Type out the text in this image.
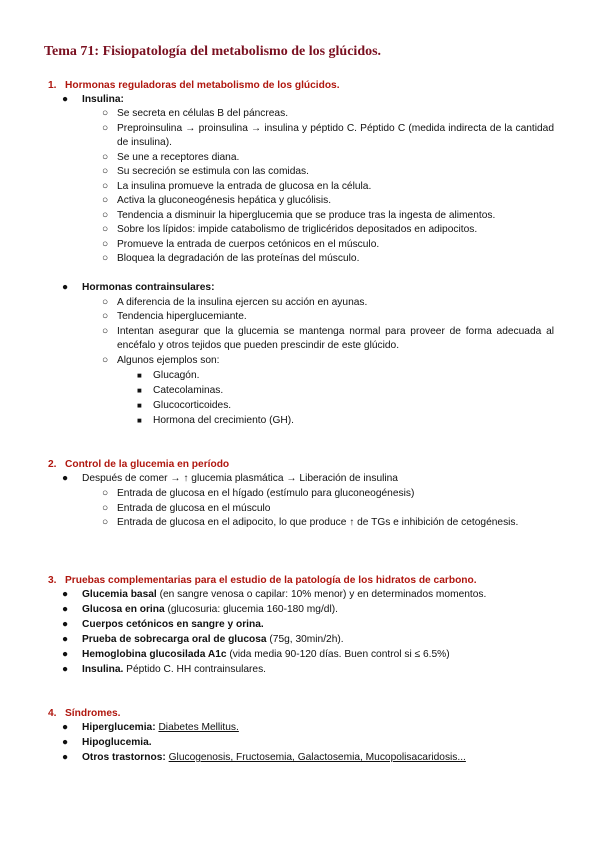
Tema 71: Fisiopatología del metabolismo de los glúcidos.
1. Hormonas reguladoras del metabolismo de los glúcidos.
● Insulina:
○ Se secreta en células B del páncreas.
○ Preproinsulina → proinsulina → insulina y péptido C. Péptido C (medida indirecta de la cantidad de insulina).
○ Se une a receptores diana.
○ Su secreción se estimula con las comidas.
○ La insulina promueve la entrada de glucosa en la célula.
○ Activa la gluconeogénesis hepática y glucólisis.
○ Tendencia a disminuir la hiperglucemia que se produce tras la ingesta de alimentos.
○ Sobre los lípidos: impide catabolismo de triglicéridos depositados en adipocitos.
○ Promueve la entrada de cuerpos cetónicos en el músculo.
○ Bloquea la degradación de las proteínas del músculo.
● Hormonas contrainsulares:
○ A diferencia de la insulina ejercen su acción en ayunas.
○ Tendencia hiperglucemiante.
○ Intentan asegurar que la glucemia se mantenga normal para proveer de forma adecuada al encéfalo y otros tejidos que pueden prescindir de este glúcido.
○ Algunos ejemplos son:
■ Glucagón.
■ Catecolaminas.
■ Glucocorticoides.
■ Hormona del crecimiento (GH).
2. Control de la glucemia en período
● Después de comer → ↑ glucemia plasmática → Liberación de insulina
○ Entrada de glucosa en el hígado (estímulo para gluconeogénesis)
○ Entrada de glucosa en el músculo
○ Entrada de glucosa en el adipocito, lo que produce ↑ de TGs e inhibición de cetogénesis.
3. Pruebas complementarias para el estudio de la patología de los hidratos de carbono.
● Glucemia basal (en sangre venosa o capilar: 10% menor) y en determinados momentos.
● Glucosa en orina (glucosuria: glucemia 160-180 mg/dl).
● Cuerpos cetónicos en sangre y orina.
● Prueba de sobrecarga oral de glucosa (75g, 30min/2h).
● Hemoglobina glucosilada A1c (vida media 90-120 días. Buen control si ≤ 6.5%)
● Insulina. Péptido C. HH contrainsulares.
4. Síndromes.
● Hiperglucemia: Diabetes Mellitus.
● Hipoglucemia.
● Otros trastornos: Glucogenosis, Fructosemia, Galactosemia, Mucopolisacaridosis...
